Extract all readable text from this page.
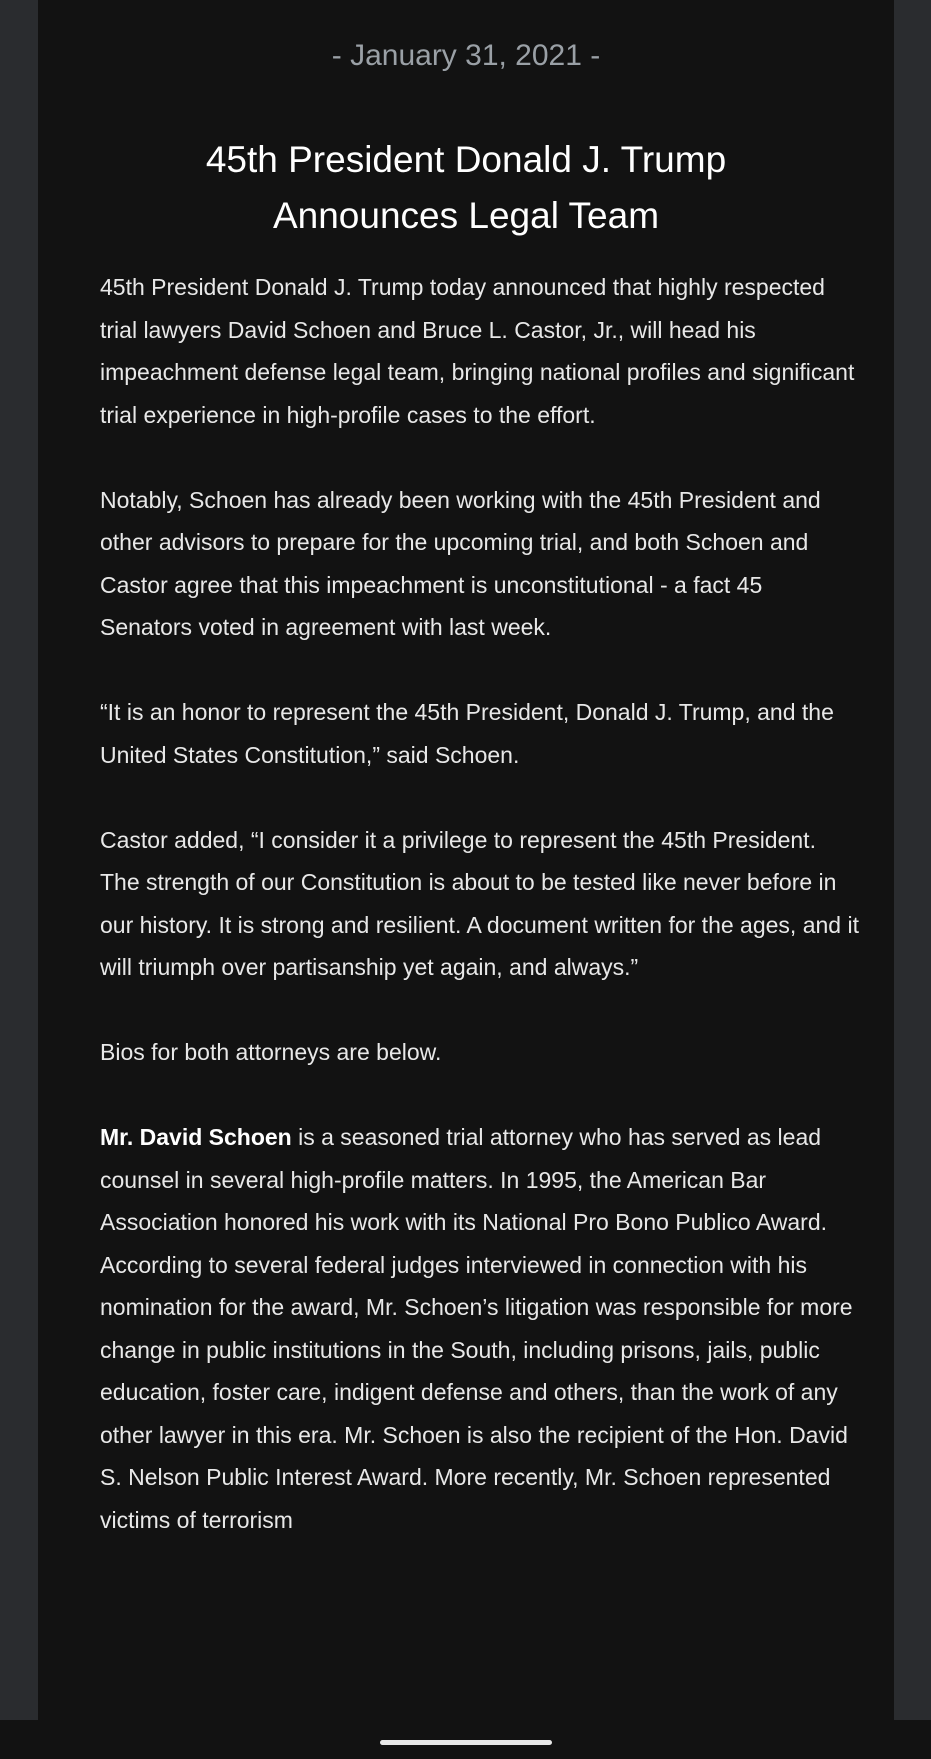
- January 31, 2021 -
45th President Donald J. Trump
Announces Legal Team

45th President Donald J. Trump today announced that highly respected trial lawyers David Schoen and Bruce L. Castor, Jr., will head his impeachment defense legal team, bringing national profiles and significant trial experience in high-profile cases to the effort.

Notably, Schoen has already been working with the 45th President and other advisors to prepare for the upcoming trial, and both Schoen and Castor agree that this impeachment is unconstitutional - a fact 45 Senators voted in agreement with last week.

“It is an honor to represent the 45th President, Donald J. Trump, and the United States Constitution,” said Schoen.

Castor added, “I consider it a privilege to represent the 45th President. The strength of our Constitution is about to be tested like never before in our history. It is strong and resilient. A document written for the ages, and it will triumph over partisanship yet again, and always.”

Bios for both attorneys are below.

Mr. David Schoen is a seasoned trial attorney who has served as lead counsel in several high-profile matters. In 1995, the American Bar Association honored his work with its National Pro Bono Publico Award. According to several federal judges interviewed in connection with his nomination for the award, Mr. Schoen’s litigation was responsible for more change in public institutions in the South, including prisons, jails, public education, foster care, indigent defense and others, than the work of any other lawyer in this era. Mr. Schoen is also the recipient of the Hon. David S. Nelson Public Interest Award. More recently, Mr. Schoen represented victims of terrorism
